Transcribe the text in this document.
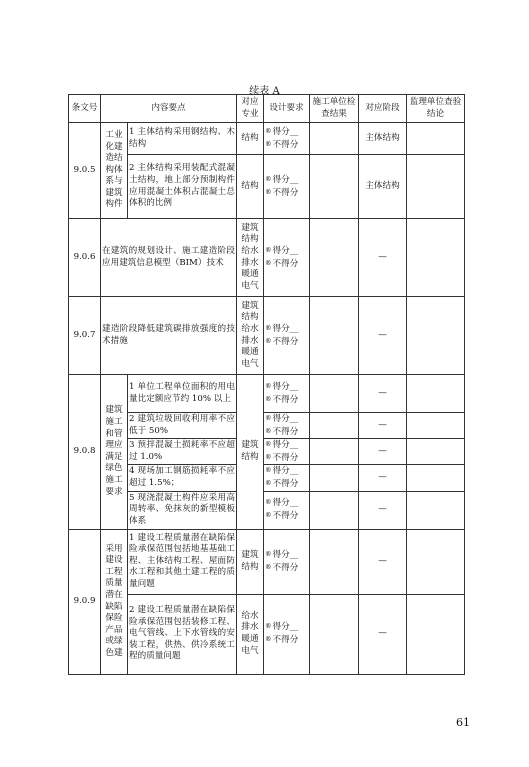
续表 A
条文号	内容要点		对应专业	设计要求	施工单位检查结果	对应阶段	监理单位查验结论
9.0.5	工业化建造结构体系与建筑构件	1 主体结构采用钢结构、木结构	结构	®得分__
®不得分		主体结构	
		2 主体结构采用装配式混凝土结构，地上部分预制构件应用混凝土体积占混凝土总体积的比例	结构	®得分__
®不得分		主体结构	
9.0.6	在建筑的规划设计、施工建造阶段应用建筑信息模型（BIM）技术		建筑 结构 给水 排水 暖通 电气	®得分__
®不得分		—	
9.0.7	建造阶段降低建筑碳排放强度的技术措施		建筑 结构 给水 排水 暖通 电气	®得分__
®不得分		—	
9.0.8	建筑施工和管理应满足绿色施工要求	1 单位工程单位面积的用电量比定额应节约 10% 以上	建筑 结构	®得分__
®不得分		—	
		2 建筑垃圾回收利用率不应低于 50%		®得分__
®不得分		—	
		3 预拌混凝土损耗率不应超过 1.0%		®得分__
®不得分		—	
		4 现场加工钢筋损耗率不应超过 1.5%；		®得分__
®不得分		—	
		5 现浇混凝土构件应采用高周转率、免抹灰的新型模板体系		®得分__
®不得分		—	
9.0.9	采用建设工程质量潜在缺陷保险产品或绿色建	1 建设工程质量潜在缺陷保险承保范围包括地基基础工程、主体结构工程、屋面防水工程和其他土建工程的质量问题	建筑 结构	®得分__
®不得分		—	
		2 建设工程质量潜在缺陷保险承保范围包括装修工程、电气管线、上下水管线的安装工程，供热、供冷系统工程的质量问题	给水 排水 暖通 电气	®得分__
®不得分		—	
61
